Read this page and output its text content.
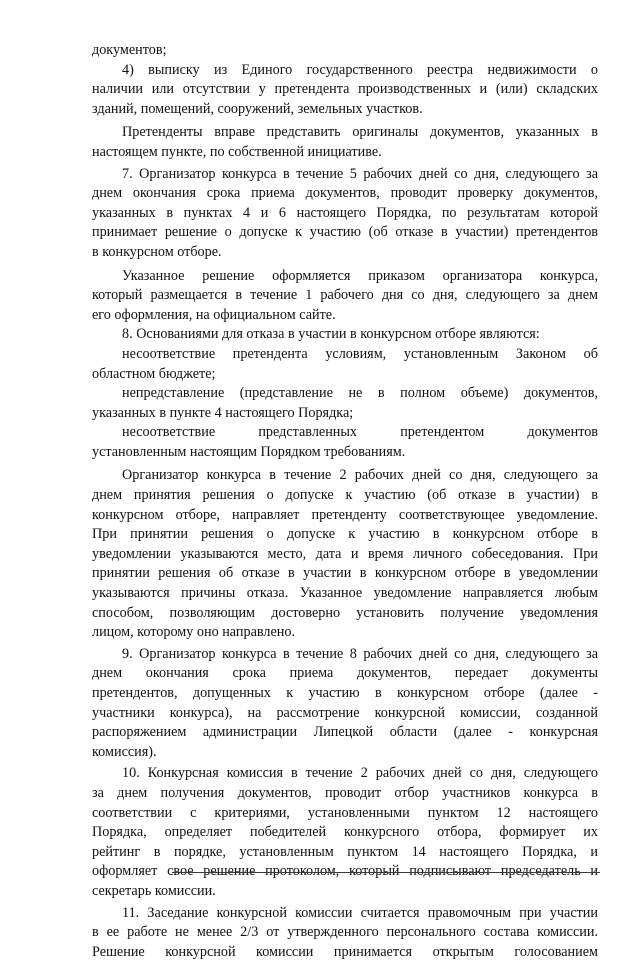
документов;
4) выписку из Единого государственного реестра недвижимости о
наличии или отсутствии у претендента производственных и (или) складских
зданий, помещений, сооружений, земельных участков.
Претенденты вправе представить оригиналы документов, указанных в
настоящем пункте, по собственной инициативе.
7. Организатор конкурса в течение 5 рабочих дней со дня, следующего за
днем окончания срока приема документов, проводит проверку документов,
указанных в пунктах 4 и 6 настоящего Порядка, по результатам которой
принимает решение о допуске к участию (об отказе в участии) претендентов
в конкурсном отборе.
Указанное решение оформляется приказом организатора конкурса,
который размещается в течение 1 рабочего дня со дня, следующего за днем
его оформления, на официальном сайте.
8. Основаниями для отказа в участии в конкурсном отборе являются:
несоответствие претендента условиям, установленным Законом об
областном бюджете;
непредставление (представление не в полном объеме) документов,
указанных в пункте 4 настоящего Порядка;
несоответствие представленных претендентом документов
установленным настоящим Порядком требованиям.
Организатор конкурса в течение 2 рабочих дней со дня, следующего за
днем принятия решения о допуске к участию (об отказе в участии) в
конкурсном отборе, направляет претенденту соответствующее уведомление.
При принятии решения о допуске к участию в конкурсном отборе в
уведомлении указываются место, дата и время личного собеседования. При
принятии решения об отказе в участии в конкурсном отборе в уведомлении
указываются причины отказа. Указанное уведомление направляется любым
способом, позволяющим достоверно установить получение уведомления
лицом, которому оно направлено.
9. Организатор конкурса в течение 8 рабочих дней со дня, следующего за
днем окончания срока приема документов, передает документы
претендентов, допущенных к участию в конкурсном отборе (далее -
участники конкурса), на рассмотрение конкурсной комиссии, созданной
распоряжением администрации Липецкой области (далее - конкурсная
комиссия).
10. Конкурсная комиссия в течение 2 рабочих дней со дня, следующего
за днем получения документов, проводит отбор участников конкурса в
соответствии с критериями, установленными пунктом 12 настоящего
Порядка, определяет победителей конкурсного отбора, формирует их
рейтинг в порядке, установленным пунктом 14 настоящего Порядка, и
оформляет свое решение протоколом, который подписывают председатель и
секретарь комиссии.
11. Заседание конкурсной комиссии считается правомочным при участии
в ее работе не менее 2/3 от утвержденного персонального состава комиссии.
Решение конкурсной комиссии принимается открытым голосованием
